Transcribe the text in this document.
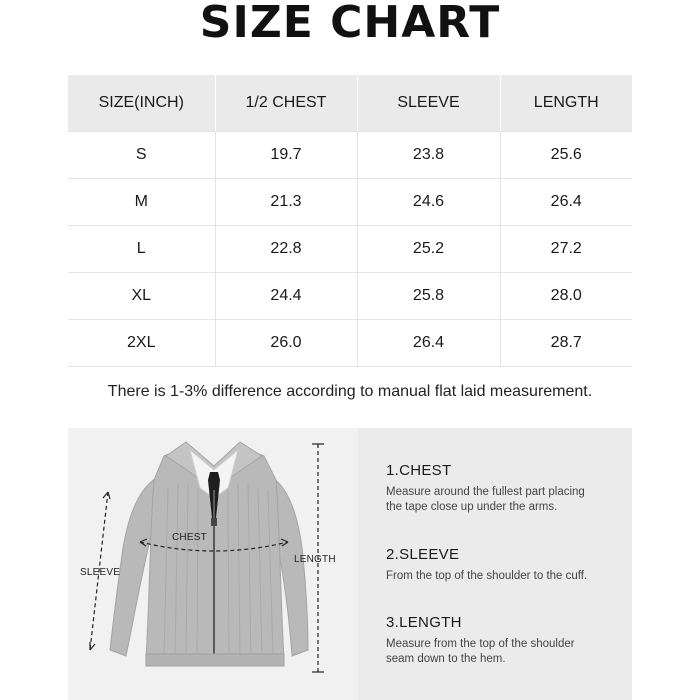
SIZE CHART
SIZE(INCH)	1/2 CHEST	SLEEVE	LENGTH
S	19.7	23.8	25.6
M	21.3	24.6	26.4
L	22.8	25.2	27.2
XL	24.4	25.8	28.0
2XL	26.0	26.4	28.7
There is 1-3% difference according to manual flat laid measurement.
CHEST
SLEEVE
LENGTH
1.CHEST
Measure around the fullest part placing
the tape close up under the arms.
2.SLEEVE
From the top of the shoulder to the cuff.
3.LENGTH
Measure from the top of the shoulder
seam down to the hem.
